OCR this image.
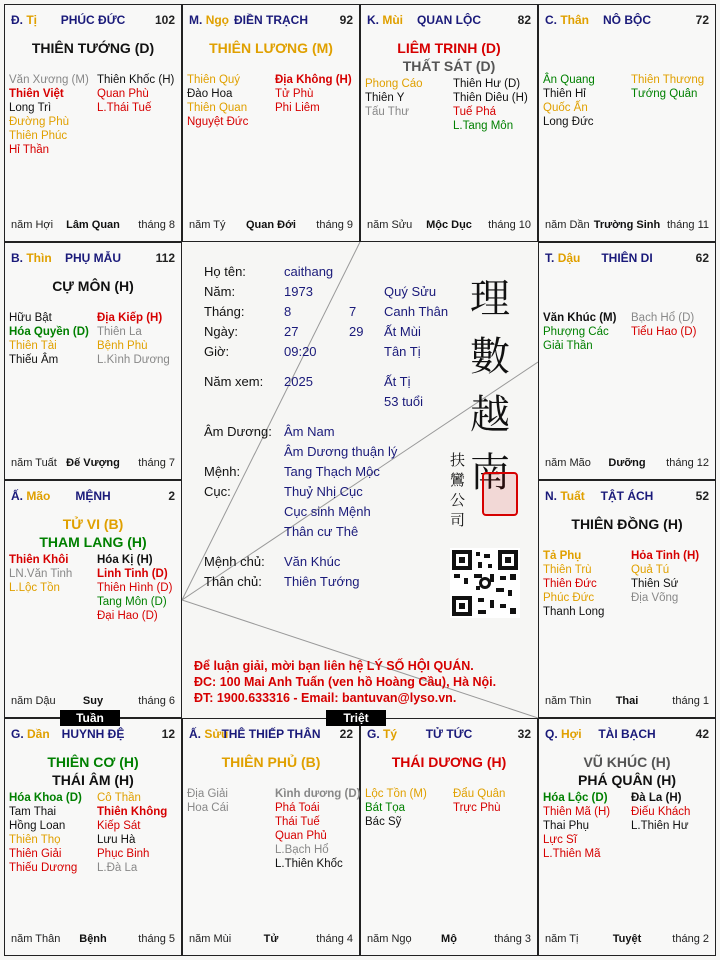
Đ. Tị	PHÚC ĐỨC	102
THIÊN TƯỚNG (D)
Văn Xương (M)
Thiên Việt
Long Trì
Đường Phù
Thiên Phúc
Hỉ Thần
Thiên Khốc (H)
Quan Phù
L.Thái Tuế
năm Hợi	Lâm Quan	tháng 8
M. Ngọ ĐIỀN TRẠCH	92
THIÊN LƯƠNG (M)
Thiên Quý
Đào Hoa
Thiên Quan
Nguyệt Đức
Địa Không (H)
Tử Phù
Phi Liêm
năm Tý	Quan Đới	tháng 9
K. Mùi	QUAN LỘC	82
LIÊM TRINH (D)
THẤT SÁT (D)
Phong Cáo
Thiên Y
Tấu Thư
Thiên Hư (D)
Thiên Diêu (H)
Tuế Phá
L.Tang Môn
năm Sửu	Mộc Dục	tháng 10
C. Thân	NÔ BỘC	72
Ân Quang
Thiên Hỉ
Quốc Ấn
Long Đức
Thiên Thương
Tướng Quân
năm Dần Trường Sinh tháng 11
B. Thìn	PHỤ MẪU	112
CỰ MÔN (H)
Hữu Bật
Hóa Quyền (D)
Thiên Tài
Thiếu Âm
Địa Kiếp (H)
Thiên La
Bệnh Phù
L.Kình Dương
năm Tuất Đế Vượng	tháng 7
T. Dậu	THIÊN DI	62
Văn Khúc (M)
Phượng Các
Giải Thần
Bạch Hổ (D)
Tiểu Hao (D)
năm Mão	Dưỡng	tháng 12
Ấ. Mão	MỆNH	2
TỬ VI (B)
THAM LANG (H)
Thiên Khôi
LN.Văn Tinh
L.Lộc Tồn
Hóa Kị (H)
Linh Tinh (D)
Thiên Hình (D)
Tang Môn (D)
Đại Hao (D)
năm Dậu	Suy	tháng 6
N. Tuất	TẬT ÁCH	52
THIÊN ĐỒNG (H)
Tả Phụ
Thiên Trù
Thiên Đức
Phúc Đức
Thanh Long
Hỏa Tinh (H)
Quả Tú
Thiên Sứ
Địa Võng
năm Thìn	Thai	tháng 1
G. Dần HUYNH ĐỆ	12
THIÊN CƠ (H)
THÁI ÂM (H)
Hóa Khoa (D)
Tam Thai
Hồng Loan
Thiên Thọ
Thiên Giải
Thiếu Dương
Cô Thần
Thiên Không
Kiếp Sát
Lưu Hà
Phục Binh
L.Đà La
năm Thân	Bệnh	tháng 5
Ấ. Sửu
THÊ THIẾP THÂN	22
THIÊN PHỦ (B)
Địa Giải
Hoa Cái
Kình dương (D)
Phá Toái
Thái Tuế
Quan Phủ
L.Bạch Hổ
L.Thiên Khốc
năm Mùi	Tử	tháng 4
G. Tý	TỬ TỨC	32
THÁI DƯƠNG (H)
Lộc Tồn (M)
Bát Tọa
Bác Sỹ
Đẩu Quân
Trực Phù
năm Ngọ	Mộ	tháng 3
Q. Hợi	TÀI BẠCH	42
VŨ KHÚC (H)
PHÁ QUÂN (H)
Hóa Lộc (D)
Thiên Mã (H)
Thai Phụ
Lực Sĩ
L.Thiên Mã
Đà La (H)
Điếu Khách
L.Thiên Hư
năm Tị	Tuyệt	tháng 2
Họ tên:	caithang
Năm:	1973	Quý Sửu
Tháng:	8	7 Canh Thân
Ngày:	27	29 Ất Mùi
Giờ:	09:20	Tân Tị
Năm xem: 2025	Ất Tị
53 tuổi
Âm Dương: Âm Nam
Âm Dương thuận lý
Mệnh:	Tang Thạch Mộc
Cục:	Thuỷ Nhị Cục
Cục sinh Mệnh
Thân cư Thê
Mệnh chủ: Văn Khúc
Thân chủ: Thiên Tướng
理數越南
扶鸞公司
Để luận giải, mời bạn liên hệ LÝ SỐ HỘI QUÁN.
ĐC: 100 Mai Anh Tuấn (ven hồ Hoàng Cầu), Hà Nội.
ĐT: 1900.633316 - Email: bantuvan@lyso.vn.
Tuần	Triệt
